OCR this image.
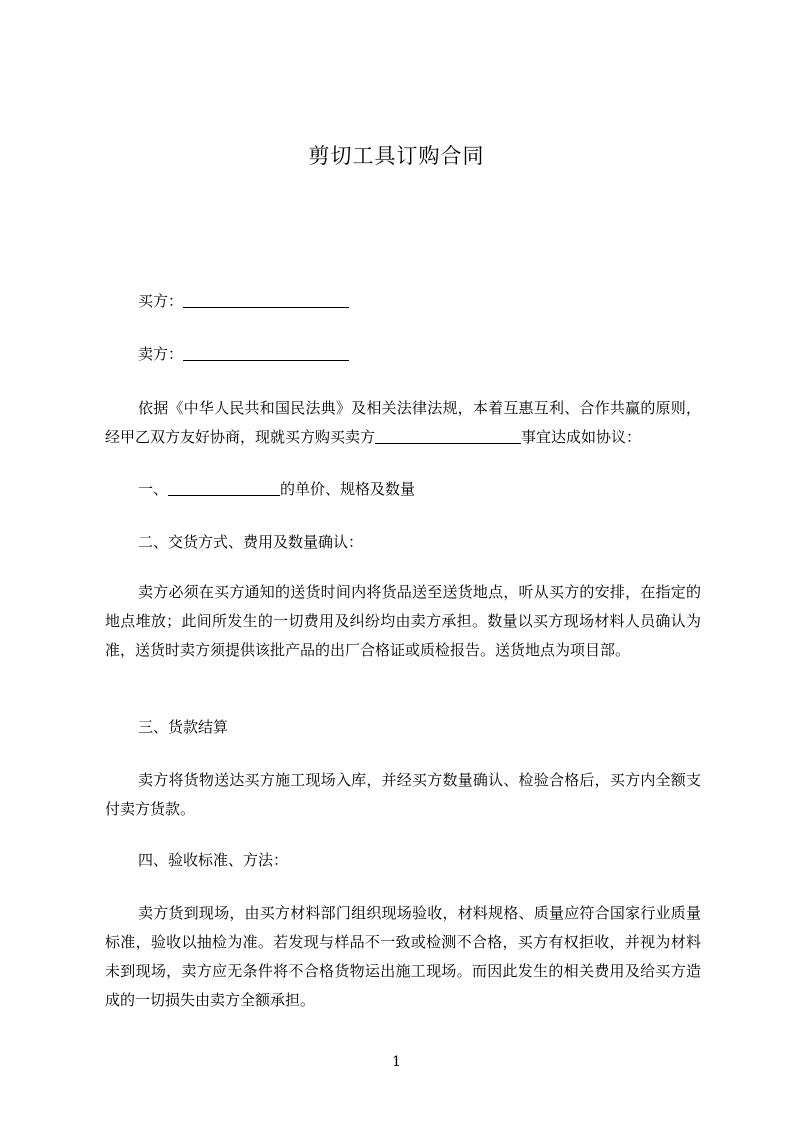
剪切工具订购合同
买方：
卖方：
依据《中华人民共和国民法典》及相关法律法规，本着互惠互利、合作共赢的原则，经甲乙双方友好协商，现就买方购买卖方	事宜达成如协议：
一、	的单价、规格及数量
二、交货方式、费用及数量确认：
卖方必须在买方通知的送货时间内将货品送至送货地点，听从买方的安排，在指定的地点堆放；此间所发生的一切费用及纠纷均由卖方承担。数量以买方现场材料人员确认为准，送货时卖方须提供该批产品的出厂合格证或质检报告。送货地点为项目部。
三、货款结算
卖方将货物送达买方施工现场入库，并经买方数量确认、检验合格后，买方内全额支付卖方货款。
四、验收标准、方法：
卖方货到现场，由买方材料部门组织现场验收，材料规格、质量应符合国家行业质量标准，验收以抽检为准。若发现与样品不一致或检测不合格，买方有权拒收，并视为材料未到现场，卖方应无条件将不合格货物运出施工现场。而因此发生的相关费用及给买方造成的一切损失由卖方全额承担。
1
